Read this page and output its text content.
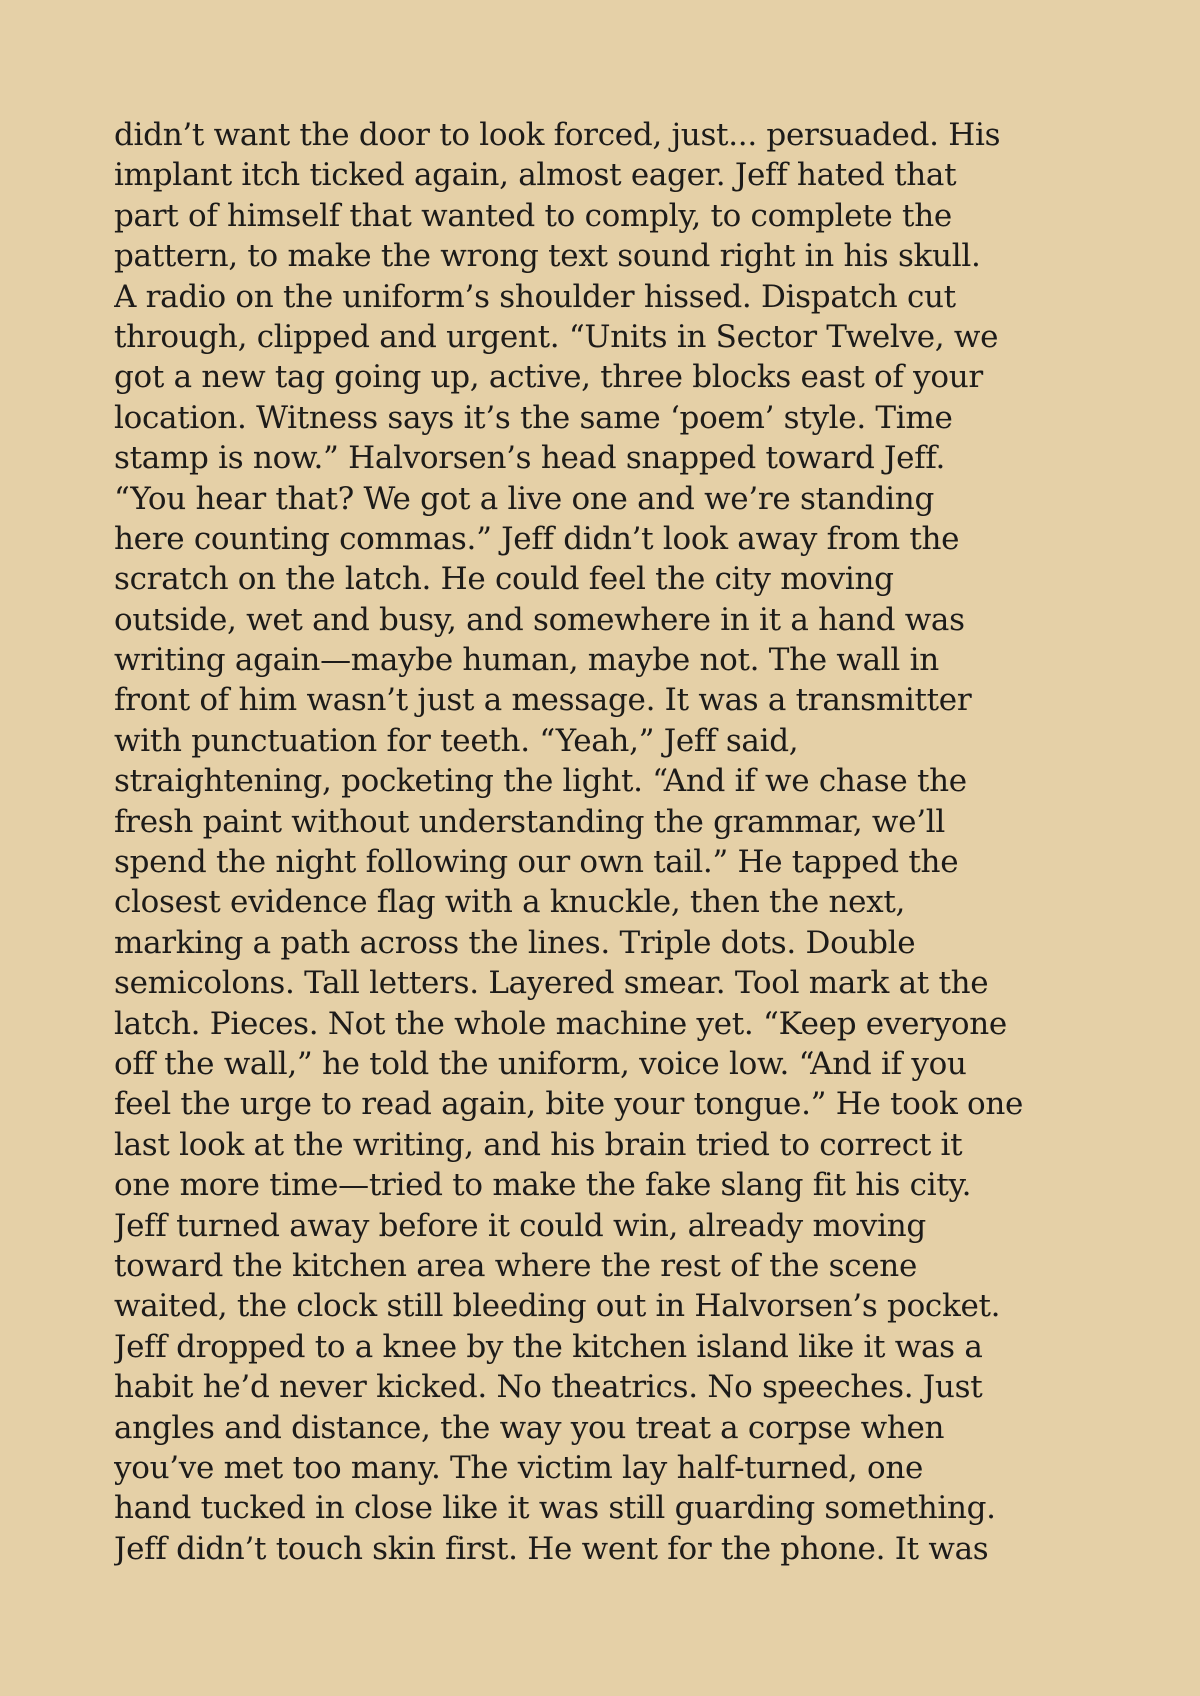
didn’t want the door to look forced, just... persuaded. His
implant itch ticked again, almost eager. Jeff hated that
part of himself that wanted to comply, to complete the
pattern, to make the wrong text sound right in his skull.
A radio on the uniform’s shoulder hissed. Dispatch cut
through, clipped and urgent. “Units in Sector Twelve, we
got a new tag going up, active, three blocks east of your
location. Witness says it’s the same ‘poem’ style. Time
stamp is now.” Halvorsen’s head snapped toward Jeff.
“You hear that? We got a live one and we’re standing
here counting commas.” Jeff didn’t look away from the
scratch on the latch. He could feel the city moving
outside, wet and busy, and somewhere in it a hand was
writing again—maybe human, maybe not. The wall in
front of him wasn’t just a message. It was a transmitter
with punctuation for teeth. “Yeah,” Jeff said,
straightening, pocketing the light. “And if we chase the
fresh paint without understanding the grammar, we’ll
spend the night following our own tail.” He tapped the
closest evidence flag with a knuckle, then the next,
marking a path across the lines. Triple dots. Double
semicolons. Tall letters. Layered smear. Tool mark at the
latch. Pieces. Not the whole machine yet. “Keep everyone
off the wall,” he told the uniform, voice low. “And if you
feel the urge to read again, bite your tongue.” He took one
last look at the writing, and his brain tried to correct it
one more time—tried to make the fake slang fit his city.
Jeff turned away before it could win, already moving
toward the kitchen area where the rest of the scene
waited, the clock still bleeding out in Halvorsen’s pocket.
Jeff dropped to a knee by the kitchen island like it was a
habit he’d never kicked. No theatrics. No speeches. Just
angles and distance, the way you treat a corpse when
you’ve met too many. The victim lay half-turned, one
hand tucked in close like it was still guarding something.
Jeff didn’t touch skin first. He went for the phone. It was
